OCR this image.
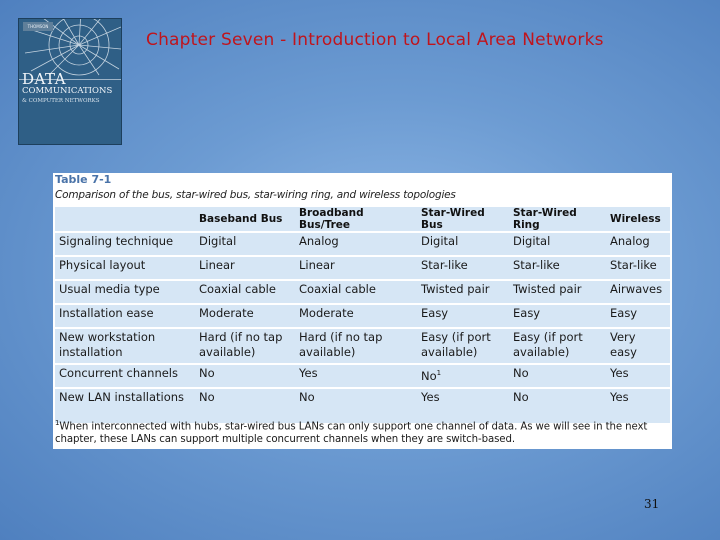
THOMSON
DATA
COMMUNICATIONS
& COMPUTER NETWORKS
Chapter Seven - Introduction to Local Area Networks
Table 7-1
Comparison of the bus, star-wired bus, star-wiring ring, and wireless topologies
	Baseband Bus	Broadband Bus/Tree	Star-Wired Bus	Star-Wired Ring	Wireless
Signaling technique	Digital	Analog	Digital	Digital	Analog
Physical layout	Linear	Linear	Star-like	Star-like	Star-like
Usual media type	Coaxial cable	Coaxial cable	Twisted pair	Twisted pair	Airwaves
Installation ease	Moderate	Moderate	Easy	Easy	Easy
New workstation installation	Hard (if no tap available)	Hard (if no tap available)	Easy (if port available)	Easy (if port available)	Very easy
Concurrent channels	No	Yes	No$^1$	No	Yes
New LAN installations	No	No	Yes	No	Yes
$^1$When interconnected with hubs, star-wired bus LANs can only support one channel of data. As we will see in the next chapter, these LANs can support multiple concurrent channels when they are switch-based.
31
